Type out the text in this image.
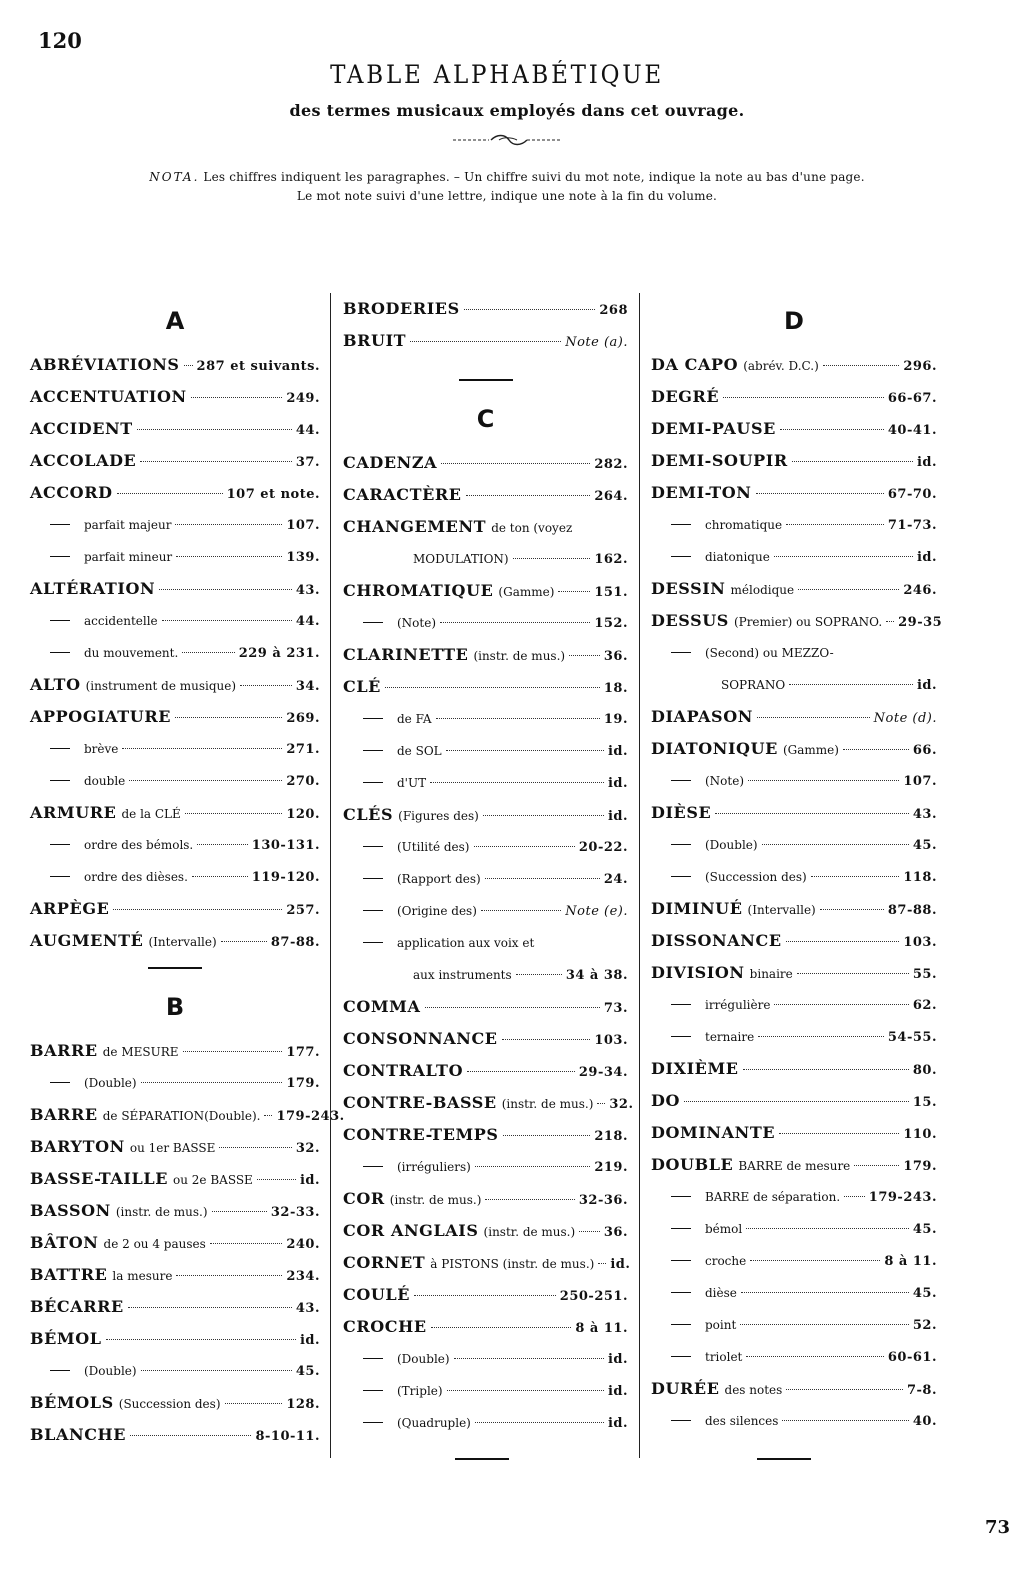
120
TABLE ALPHABÉTIQUE
des termes musicaux employés dans cet ouvrage.
NOTA. Les chiffres indiquent les paragraphes. – Un chiffre suivi du mot note, indique la note au bas d'une page.
Le mot note suivi d'une lettre, indique une note à la fin du volume.
A
ABRÉVIATIONS 287 et suivants.
ACCENTUATION	249.
ACCIDENT	44.
ACCOLADE	37.
ACCORD	107 et note.
parfait majeur	107.
parfait mineur	139.
ALTÉRATION	43.
accidentelle	44.
du mouvement.	229 à 231.
ALTO (instrument de musique)	34.
APPOGIATURE	269.
brève	271.
double	270.
ARMURE de la CLÉ	120.
ordre des bémols.	130-131.
ordre des dièses.	119-120.
ARPÈGE	257.
AUGMENTÉ (Intervalle)	87-88.
B
BARRE de MESURE	177.
(Double)	179.
BARRE de SÉPARATION(Double). 179-243.
BARYTON ou 1er BASSE	32.
BASSE-TAILLE ou 2e BASSE	id.
BASSON (instr. de mus.)	32-33.
BÂTON de 2 ou 4 pauses	240.
BATTRE la mesure	234.
BÉCARRE	43.
BÉMOL	id.
(Double)	45.
BÉMOLS (Succession des)	128.
BLANCHE	8-10-11.
BRODERIES	268
BRUIT	Note (a).
C
CADENZA	282.
CARACTÈRE	264.
CHANGEMENT de ton (voyez
MODULATION)	162.
CHROMATIQUE (Gamme)	151.
(Note)	152.
CLARINETTE (instr. de mus.)	36.
CLÉ	18.
de FA	19.
de SOL	id.
d'UT	id.
CLÉS (Figures des)	id.
(Utilité des)	20-22.
(Rapport des)	24.
(Origine des)	Note (e).
application aux voix et
aux instruments	34 à 38.
COMMA	73.
CONSONNANCE	103.
CONTRALTO	29-34.
CONTRE-BASSE (instr. de mus.) 32.
CONTRE-TEMPS	218.
(irréguliers)	219.
COR (instr. de mus.)	32-36.
COR ANGLAIS (instr. de mus.) 36.
CORNET à PISTONS (instr. de mus.) id.
COULÉ	250-251.
CROCHE	8 à 11.
(Double)	id.
(Triple)	id.
(Quadruple)	id.
D
DA CAPO (abrév. D.C.)	296.
DEGRÉ	66-67.
DEMI-PAUSE	40-41.
DEMI-SOUPIR	id.
DEMI-TON	67-70.
chromatique	71-73.
diatonique	id.
DESSIN mélodique	246.
DESSUS (Premier) ou SOPRANO. 29-35
(Second) ou MEZZO-
SOPRANO	id.
DIAPASON	Note (d).
DIATONIQUE (Gamme)	66.
(Note)	107.
DIÈSE	43.
(Double)	45.
(Succession des)	118.
DIMINUÉ (Intervalle)	87-88.
DISSONANCE	103.
DIVISION binaire	55.
irrégulière	62.
ternaire	54-55.
DIXIÈME	80.
DO	15.
DOMINANTE	110.
DOUBLE BARRE de mesure	179.
BARRE de séparation. 179-243.
bémol	45.
croche	8 à 11.
dièse	45.
point	52.
triolet	60-61.
DURÉE des notes	7-8.
des silences	40.
73
